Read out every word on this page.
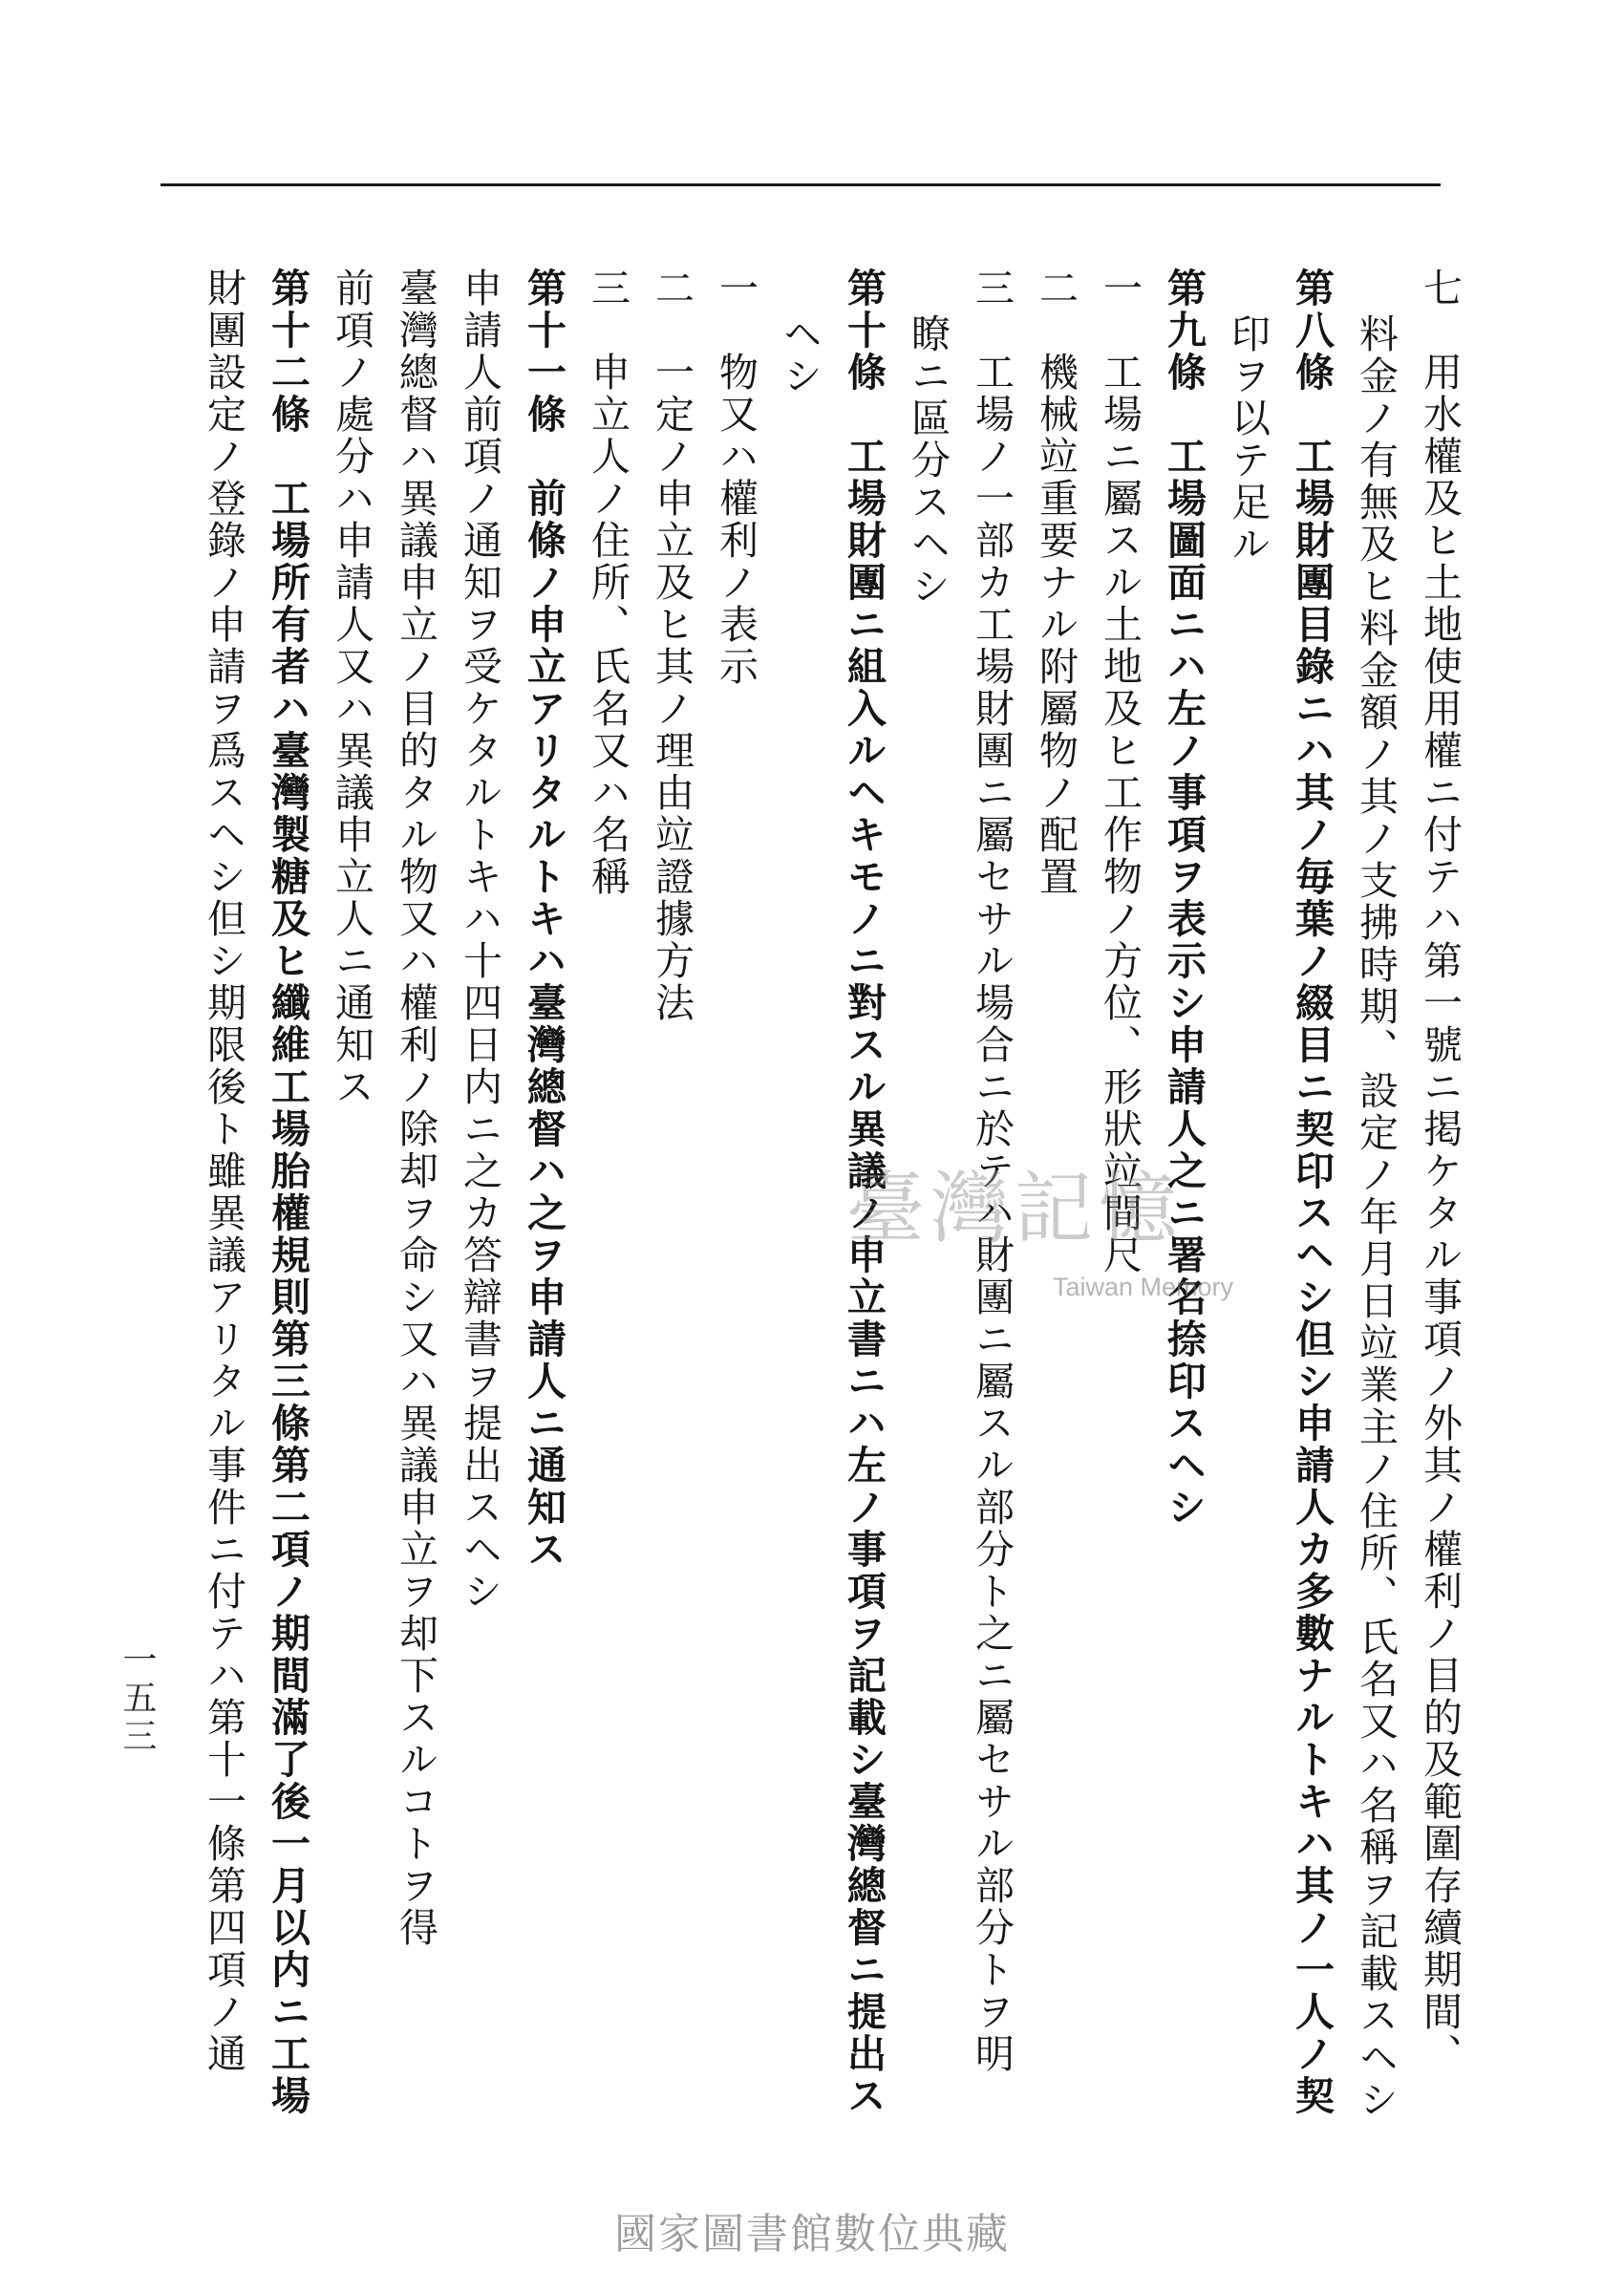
七　用水權及ヒ土地使用權ニ付テハ第一號ニ掲ケタル事項ノ外其ノ權利ノ目的及範圍存續期間、
料金ノ有無及ヒ料金額ノ其ノ支拂時期、設定ノ年月日竝業主ノ住所、氏名又ハ名稱ヲ記載スヘシ
第八條　工場財團目錄ニハ其ノ毎葉ノ綴目ニ契印スヘシ但シ申請人カ多數ナルトキハ其ノ一人ノ契
印ヲ以テ足ル
第九條　工場圖面ニハ左ノ事項ヲ表示シ申請人之ニ署名捺印スヘシ
一　工場ニ屬スル土地及ヒ工作物ノ方位、形狀竝間尺
二　機械竝重要ナル附屬物ノ配置
三　工場ノ一部カ工場財團ニ屬セサル場合ニ於テハ財團ニ屬スル部分ト之ニ屬セサル部分トヲ明
瞭ニ區分スヘシ
第十條　工場財團ニ組入ルヘキモノニ對スル異議ノ申立書ニハ左ノ事項ヲ記載シ臺灣總督ニ提出ス
ヘシ
一　物又ハ權利ノ表示
二　一定ノ申立及ヒ其ノ理由竝證據方法
三　申立人ノ住所、氏名又ハ名稱
第十一條　前條ノ申立アリタルトキハ臺灣總督ハ之ヲ申請人ニ通知ス
申請人前項ノ通知ヲ受ケタルトキハ十四日内ニ之カ答辯書ヲ提出スヘシ
臺灣總督ハ異議申立ノ目的タル物又ハ權利ノ除却ヲ命シ又ハ異議申立ヲ却下スルコトヲ得
前項ノ處分ハ申請人又ハ異議申立人ニ通知ス
第十二條　工場所有者ハ臺灣製糖及ヒ纖維工場胎權規則第三條第二項ノ期間滿了後一月以内ニ工場
財團設定ノ登錄ノ申請ヲ爲スヘシ但シ期限後ト雖異議アリタル事件ニ付テハ第十一條第四項ノ通
一五三
臺灣記憶
Taiwan Memory
國家圖書館數位典藏
